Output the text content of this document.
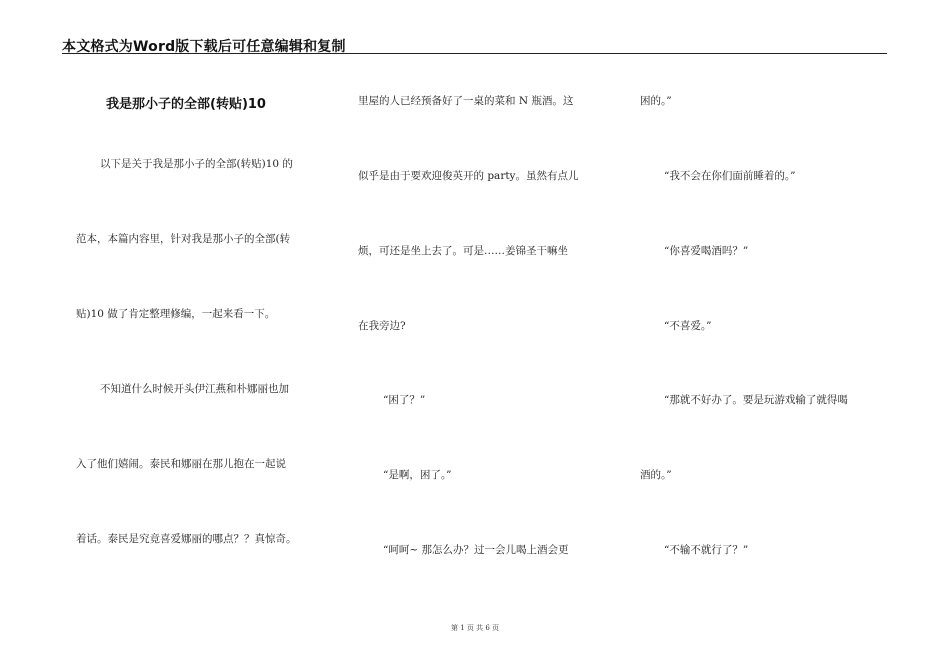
本文格式为Word版下载后可任意编辑和复制
我是那小子的全部(转贴)10
以下是关于我是那小子的全部(转贴)10 的
范本，本篇内容里，针对我是那小子的全部(转
贴)10 做了肯定整理修编，一起来看一下。
不知道什么时候开头伊江燕和朴娜丽也加
入了他们嬉闹。泰民和娜丽在那儿抱在一起说
着话。泰民是究竟喜爱娜丽的哪点？？真惊奇。
里屋的人已经预备好了一桌的菜和 N 瓶酒。这
似乎是由于要欢迎俊英开的 party。虽然有点儿
烦，可还是坐上去了。可是……姜锦圣干嘛坐
在我旁边?
“困了？”
“是啊，困了。”
“呵呵~ 那怎么办？过一会儿喝上酒会更
困的。”
“我不会在你们面前睡着的。”
“你喜爱喝酒吗？”
“不喜爱。”
“那就不好办了。要是玩游戏输了就得喝
酒的。”
“不输不就行了？”
第 1 页 共 6 页
